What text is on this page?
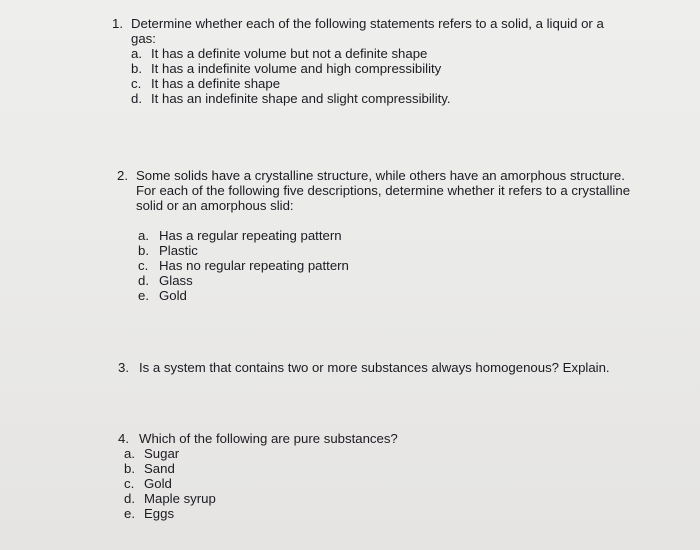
1. Determine whether each of the following statements refers to a solid, a liquid or a gas:
a. It has a definite volume but not a definite shape
b. It has a indefinite volume and high compressibility
c. It has a definite shape
d. It has an indefinite shape and slight compressibility.
2. Some solids have a crystalline structure, while others have an amorphous structure. For each of the following five descriptions, determine whether it refers to a crystalline solid or an amorphous slid:
a. Has a regular repeating pattern
b. Plastic
c. Has no regular repeating pattern
d. Glass
e. Gold
3. Is a system that contains two or more substances always homogenous? Explain.
4. Which of the following are pure substances?
a. Sugar
b. Sand
c. Gold
d. Maple syrup
e. Eggs
